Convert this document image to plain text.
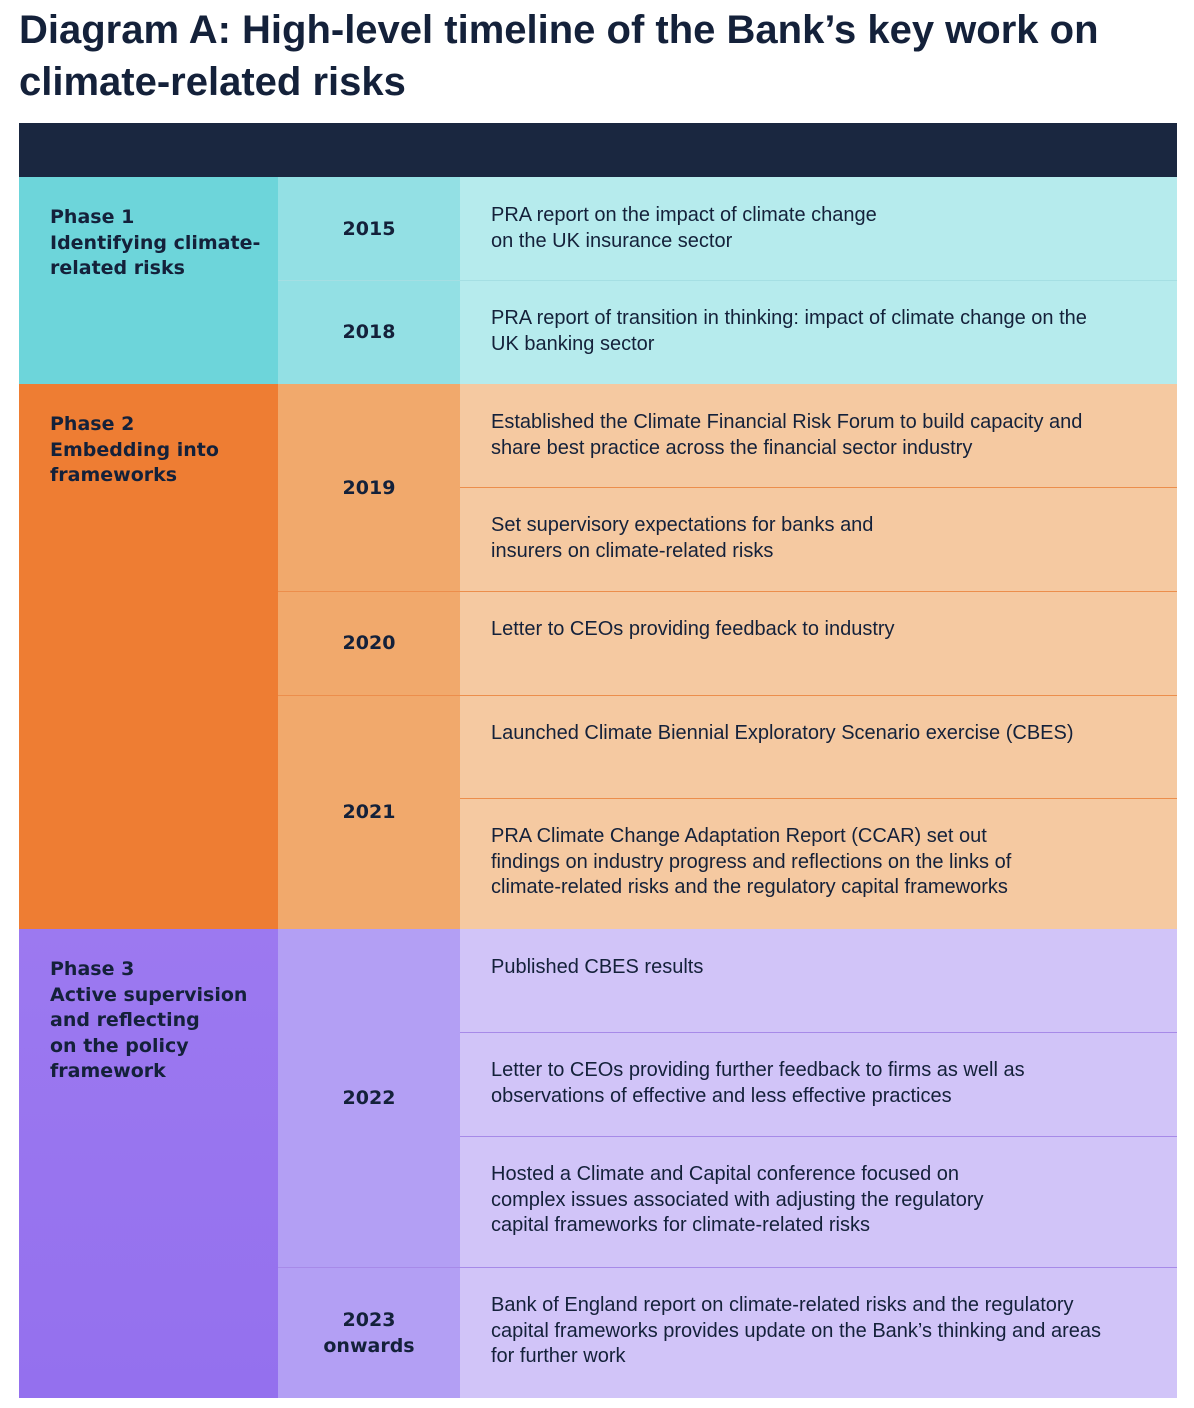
Diagram A: High-level timeline of the Bank’s key work on climate-related risks
Phase 1
Identifying climate-
related risks
Phase 2
Embedding into
frameworks
Phase 3
Active supervision
and reflecting
on the policy
framework
2015
2018
2019
2020
2021
2022
2023
onwards
PRA report on the impact of climate change
on the UK insurance sector
PRA report of transition in thinking: impact of climate change on the
UK banking sector
Established the Climate Financial Risk Forum to build capacity and
share best practice across the financial sector industry
Set supervisory expectations for banks and
insurers on climate-related risks
Letter to CEOs providing feedback to industry
Launched Climate Biennial Exploratory Scenario exercise (CBES)
PRA Climate Change Adaptation Report (CCAR) set out
findings on industry progress and reflections on the links of
climate-related risks and the regulatory capital frameworks
Published CBES results
Letter to CEOs providing further feedback to firms as well as
observations of effective and less effective practices
Hosted a Climate and Capital conference focused on
complex issues associated with adjusting the regulatory
capital frameworks for climate-related risks
Bank of England report on climate-related risks and the regulatory
capital frameworks provides update on the Bank’s thinking and areas
for further work
